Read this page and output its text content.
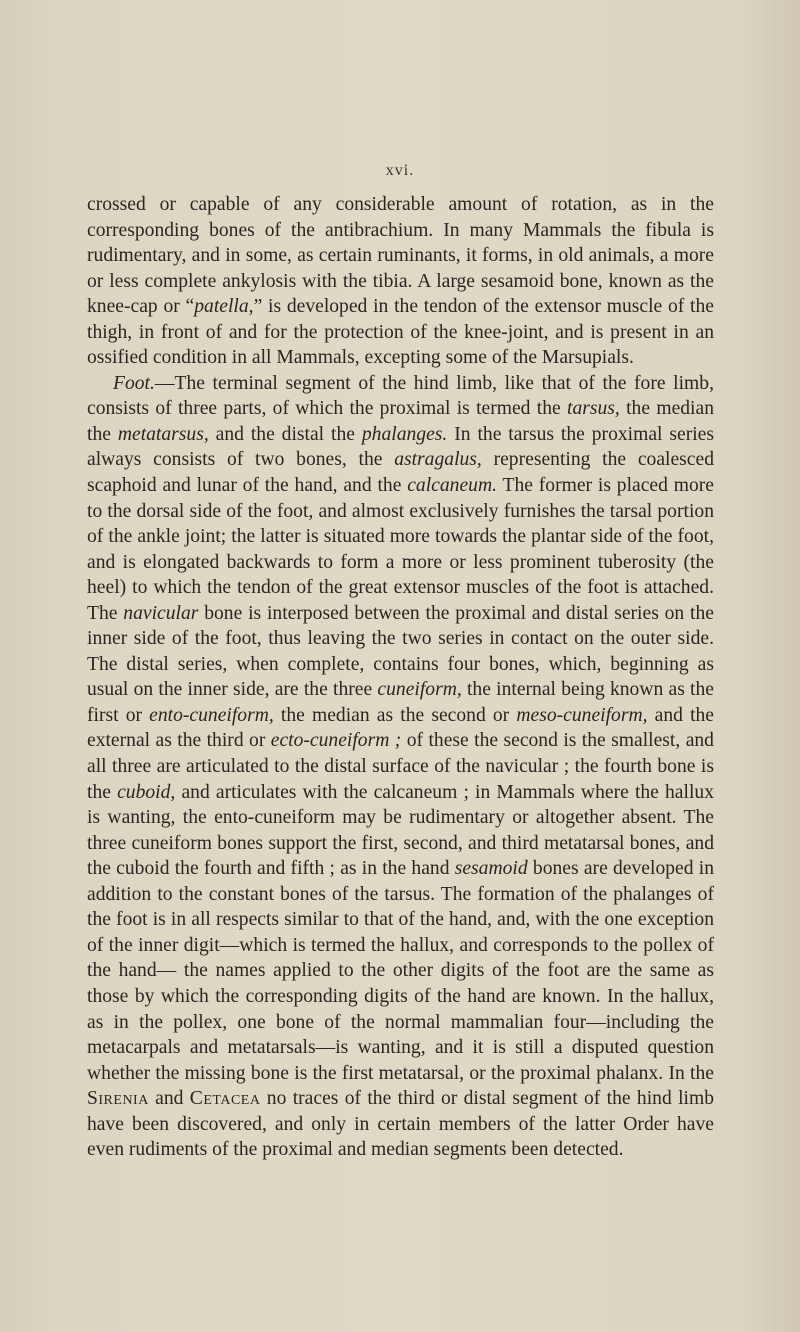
xvi.

crossed or capable of any considerable amount of rotation, as in the corresponding bones of the antibrachium. In many Mammals the fibula is rudimentary, and in some, as certain ruminants, it forms, in old animals, a more or less complete ankylosis with the tibia. A large sesamoid bone, known as the knee-cap or “patella,” is developed in the tendon of the extensor muscle of the thigh, in front of and for the protection of the knee-joint, and is present in an ossified condition in all Mammals, excepting some of the Marsupials.

Foot.—The terminal segment of the hind limb, like that of the fore limb, consists of three parts, of which the proximal is termed the tarsus, the median the metatarsus, and the distal the phalanges. In the tarsus the proximal series always consists of two bones, the astragalus, representing the coalesced scaphoid and lunar of the hand, and the calcaneum. The former is placed more to the dorsal side of the foot, and almost exclusively furnishes the tarsal portion of the ankle joint; the latter is situated more towards the plantar side of the foot, and is elongated backwards to form a more or less prominent tuberosity (the heel) to which the tendon of the great extensor muscles of the foot is attached. The navicular bone is interposed between the proximal and distal series on the inner side of the foot, thus leaving the two series in contact on the outer side. The distal series, when complete, contains four bones, which, beginning as usual on the inner side, are the three cuneiform, the internal being known as the first or ento-cuneiform, the median as the second or meso-cuneiform, and the external as the third or ecto-cuneiform ; of these the second is the smallest, and all three are articulated to the distal surface of the navicular ; the fourth bone is the cuboid, and articulates with the calcaneum ; in Mammals where the hallux is wanting, the ento-cuneiform may be rudimentary or altogether absent. The three cuneiform bones support the first, second, and third metatarsal bones, and the cuboid the fourth and fifth ; as in the hand sesamoid bones are developed in addition to the constant bones of the tarsus. The formation of the phalanges of the foot is in all respects similar to that of the hand, and, with the one exception of the inner digit—which is termed the hallux, and corresponds to the pollex of the hand— the names applied to the other digits of the foot are the same as those by which the corresponding digits of the hand are known. In the hallux, as in the pollex, one bone of the normal mammalian four—including the metacarpals and metatarsals—is wanting, and it is still a disputed question whether the missing bone is the first metatarsal, or the proximal phalanx. In the Sirenia and Cetacea no traces of the third or distal segment of the hind limb have been discovered, and only in certain members of the latter Order have even rudiments of the proximal and median segments been detected.
